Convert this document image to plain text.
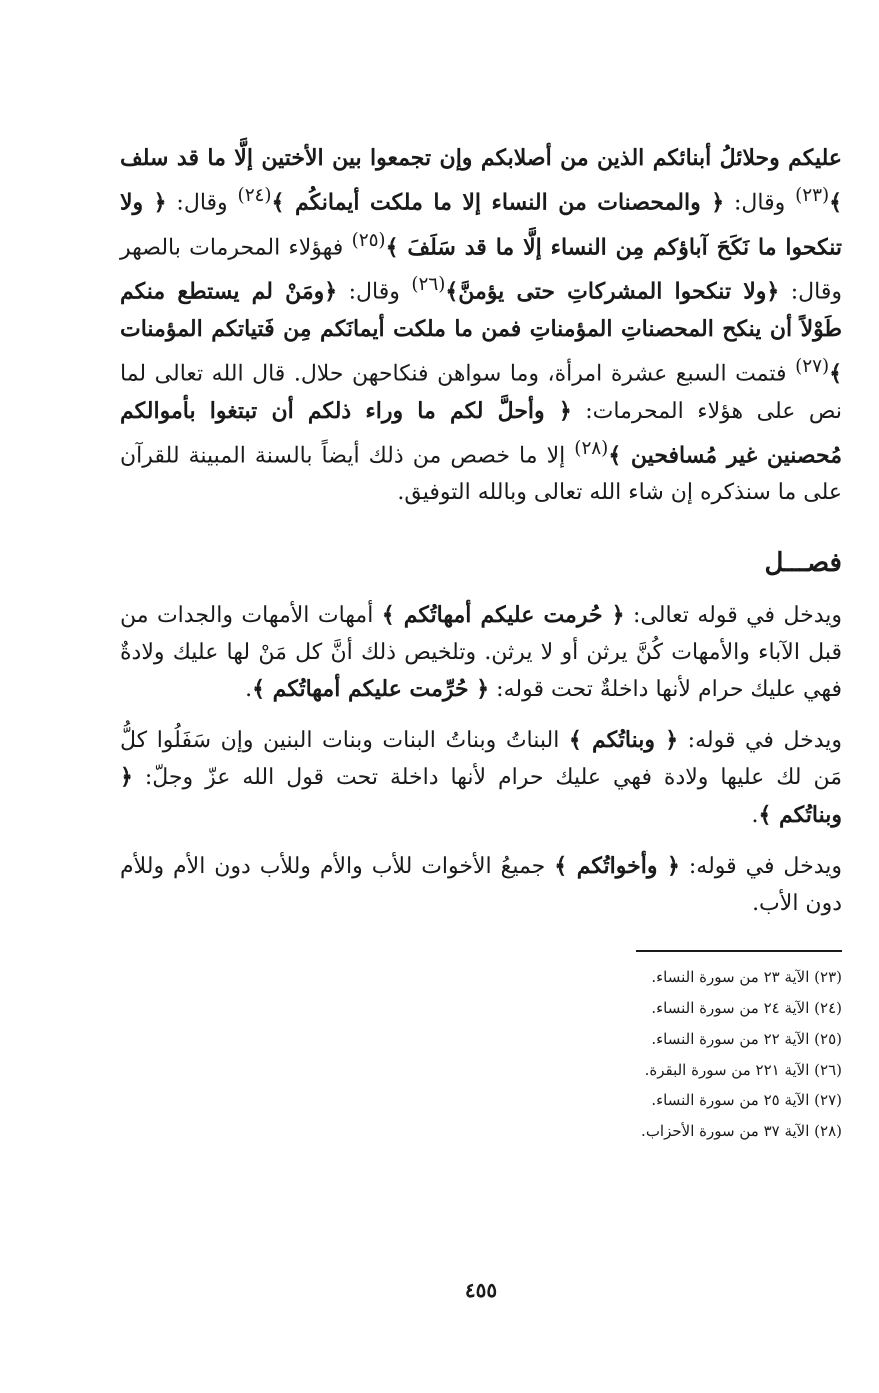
عليكم وحلائلُ أبنائكم الذين من أصلابكم وإن تجمعوا بين الأختين إلَّا ما قد سلف ﴾$^{(٢٣)}$ وقال: ﴿ والمحصنات من النساء إلا ما ملكت أيمانكُم ﴾$^{(٢٤)}$ وقال: ﴿ ولا تنكحوا ما نَكَحَ آباؤكم مِن النساء إلَّا ما قد سَلَفَ ﴾$^{(٢٥)}$ فهؤلاء المحرمات بالصهر وقال: ﴿ولا تنكحوا المشركاتِ حتى يؤمنَّ﴾$^{(٢٦)}$ وقال: ﴿ومَنْ لم يستطع منكم طَوْلاً أن ينكح المحصناتِ المؤمناتِ فمن ما ملكت أيمانَكم مِن فَتياتكم المؤمنات ﴾$^{(٢٧)}$ فتمت السبع عشرة امرأة، وما سواهن فنكاحهن حلال. قال الله تعالى لما نص على هؤلاء المحرمات: ﴿ وأحلَّ لكم ما وراء ذلكم أن تبتغوا بأموالكم مُحصنين غير مُسافحين ﴾$^{(٢٨)}$ إلا ما خصص من ذلك أيضاً بالسنة المبينة للقرآن على ما سنذكره إن شاء الله تعالى وبالله التوفيق.

فصـــل

ويدخل في قوله تعالى: ﴿ حُرمت عليكم أمهاتُكم ﴾ أمهات الأمهات والجدات من قبل الآباء والأمهات كُنَّ يرثن أو لا يرثن. وتلخيص ذلك أنَّ كل مَنْ لها عليك ولادةٌ فهي عليك حرام لأنها داخلةٌ تحت قوله: ﴿ حُرِّمت عليكم أمهاتُكم ﴾.

ويدخل في قوله: ﴿ وبناتُكم ﴾ البناتُ وبناتُ البنات وبنات البنين وإن سَفَلُوا كلُّ مَن لك عليها ولادة فهي عليك حرام لأنها داخلة تحت قول الله عزّ وجلّ: ﴿ وبناتُكم ﴾.

ويدخل في قوله: ﴿ وأخواتُكم ﴾ جميعُ الأخوات للأب والأم وللأب دون الأم وللأم دون الأب.

(٢٣) الآية ٢٣ من سورة النساء.
(٢٤) الآية ٢٤ من سورة النساء.
(٢٥) الآية ٢٢ من سورة النساء.
(٢٦) الآية ٢٢١ من سورة البقرة.
(٢٧) الآية ٢٥ من سورة النساء.
(٢٨) الآية ٣٧ من سورة الأحزاب.
٤٥٥
